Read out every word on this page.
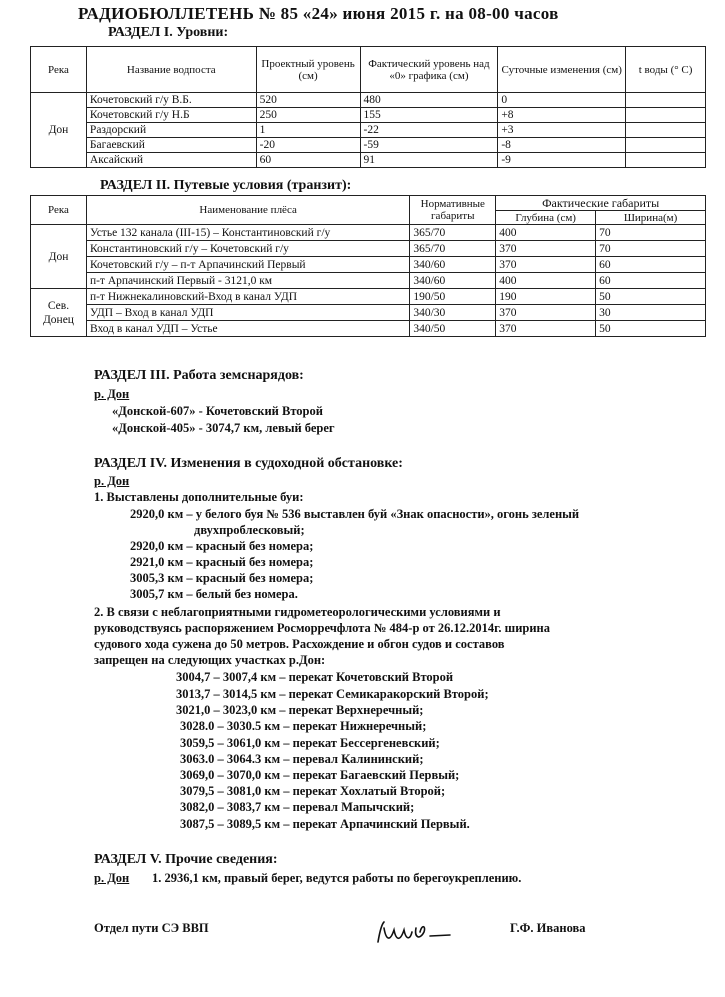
РАДИОБЮЛЛЕТЕНЬ № 85 «24» июня 2015 г. на 08-00 часов
РАЗДЕЛ I. Уровни:
Река	Название водпоста	Проектный уровень (см)	Фактический уровень над «0» графика (см)	Суточные изменения (см)	t воды (° С)
Дон	Кочетовский г/у В.Б.	520	480	0	
	Кочетовский г/у Н.Б	250	155	+8	
	Раздорский	1	-22	+3	
	Багаевский	-20	-59	-8	
	Аксайский	60	91	-9	
РАЗДЕЛ II. Путевые условия (транзит):
Река	Наименование плёса	Нормативные габариты	Фактические габариты	
			Глубина (см)	Ширина(м)
Дон	Устье 132 канала (III-15) – Константиновский г/у	365/70	400	70
	Константиновский г/у – Кочетовский г/у	365/70	370	70
	Кочетовский г/у – п-т Арпачинский Первый	340/60	370	60
	п-т Арпачинский Первый - 3121,0 км	340/60	400	60
Сев. Донец	п-т Нижнекалиновский-Вход в канал УДП	190/50	190	50
	УДП – Вход в канал УДП	340/30	370	30
	Вход в канал УДП – Устье	340/50	370	50
РАЗДЕЛ III. Работа земснарядов:
р. Дон
«Донской-607» - Кочетовский Второй
«Донской-405» - 3074,7 км, левый берег
РАЗДЕЛ IV. Изменения в судоходной обстановке:
р. Дон
1. Выставлены дополнительные буи:
2920,0 км – у белого буя № 536 выставлен буй «Знак опасности», огонь зеленый
двухпроблесковый;
2920,0 км – красный без номера;
2921,0 км – красный без номера;
3005,3 км – красный без номера;
3005,7 км – белый без номера.
2. В связи с неблагоприятными гидрометеорологическими условиями и
руководствуясь распоряжением Росморречфлота № 484-р от 26.12.2014г. ширина
судового хода сужена до 50 метров. Расхождение и обгон судов и составов
запрещен на следующих участках р.Дон:
3004,7 – 3007,4 км – перекат Кочетовский Второй
3013,7 – 3014,5 км – перекат Семикаракорский Второй;
3021,0 – 3023,0 км – перекат Верхнеречный;
3028.0 – 3030.5 км – перекат Нижнеречный;
3059,5 – 3061,0 км – перекат Бессергеневский;
3063.0 – 3064.3 км – перевал Калининский;
3069,0 – 3070,0 км – перекат Багаевский Первый;
3079,5 – 3081,0 км – перекат Хохлатый Второй;
3082,0 – 3083,7 км – перевал Мапычский;
3087,5 – 3089,5 км – перекат Арпачинский Первый.
РАЗДЕЛ V. Прочие сведения:
р. Дон 1. 2936,1 км, правый берег, ведутся работы по берегоукреплению.
Отдел пути СЭ ВВП	Г.Ф. Иванова
